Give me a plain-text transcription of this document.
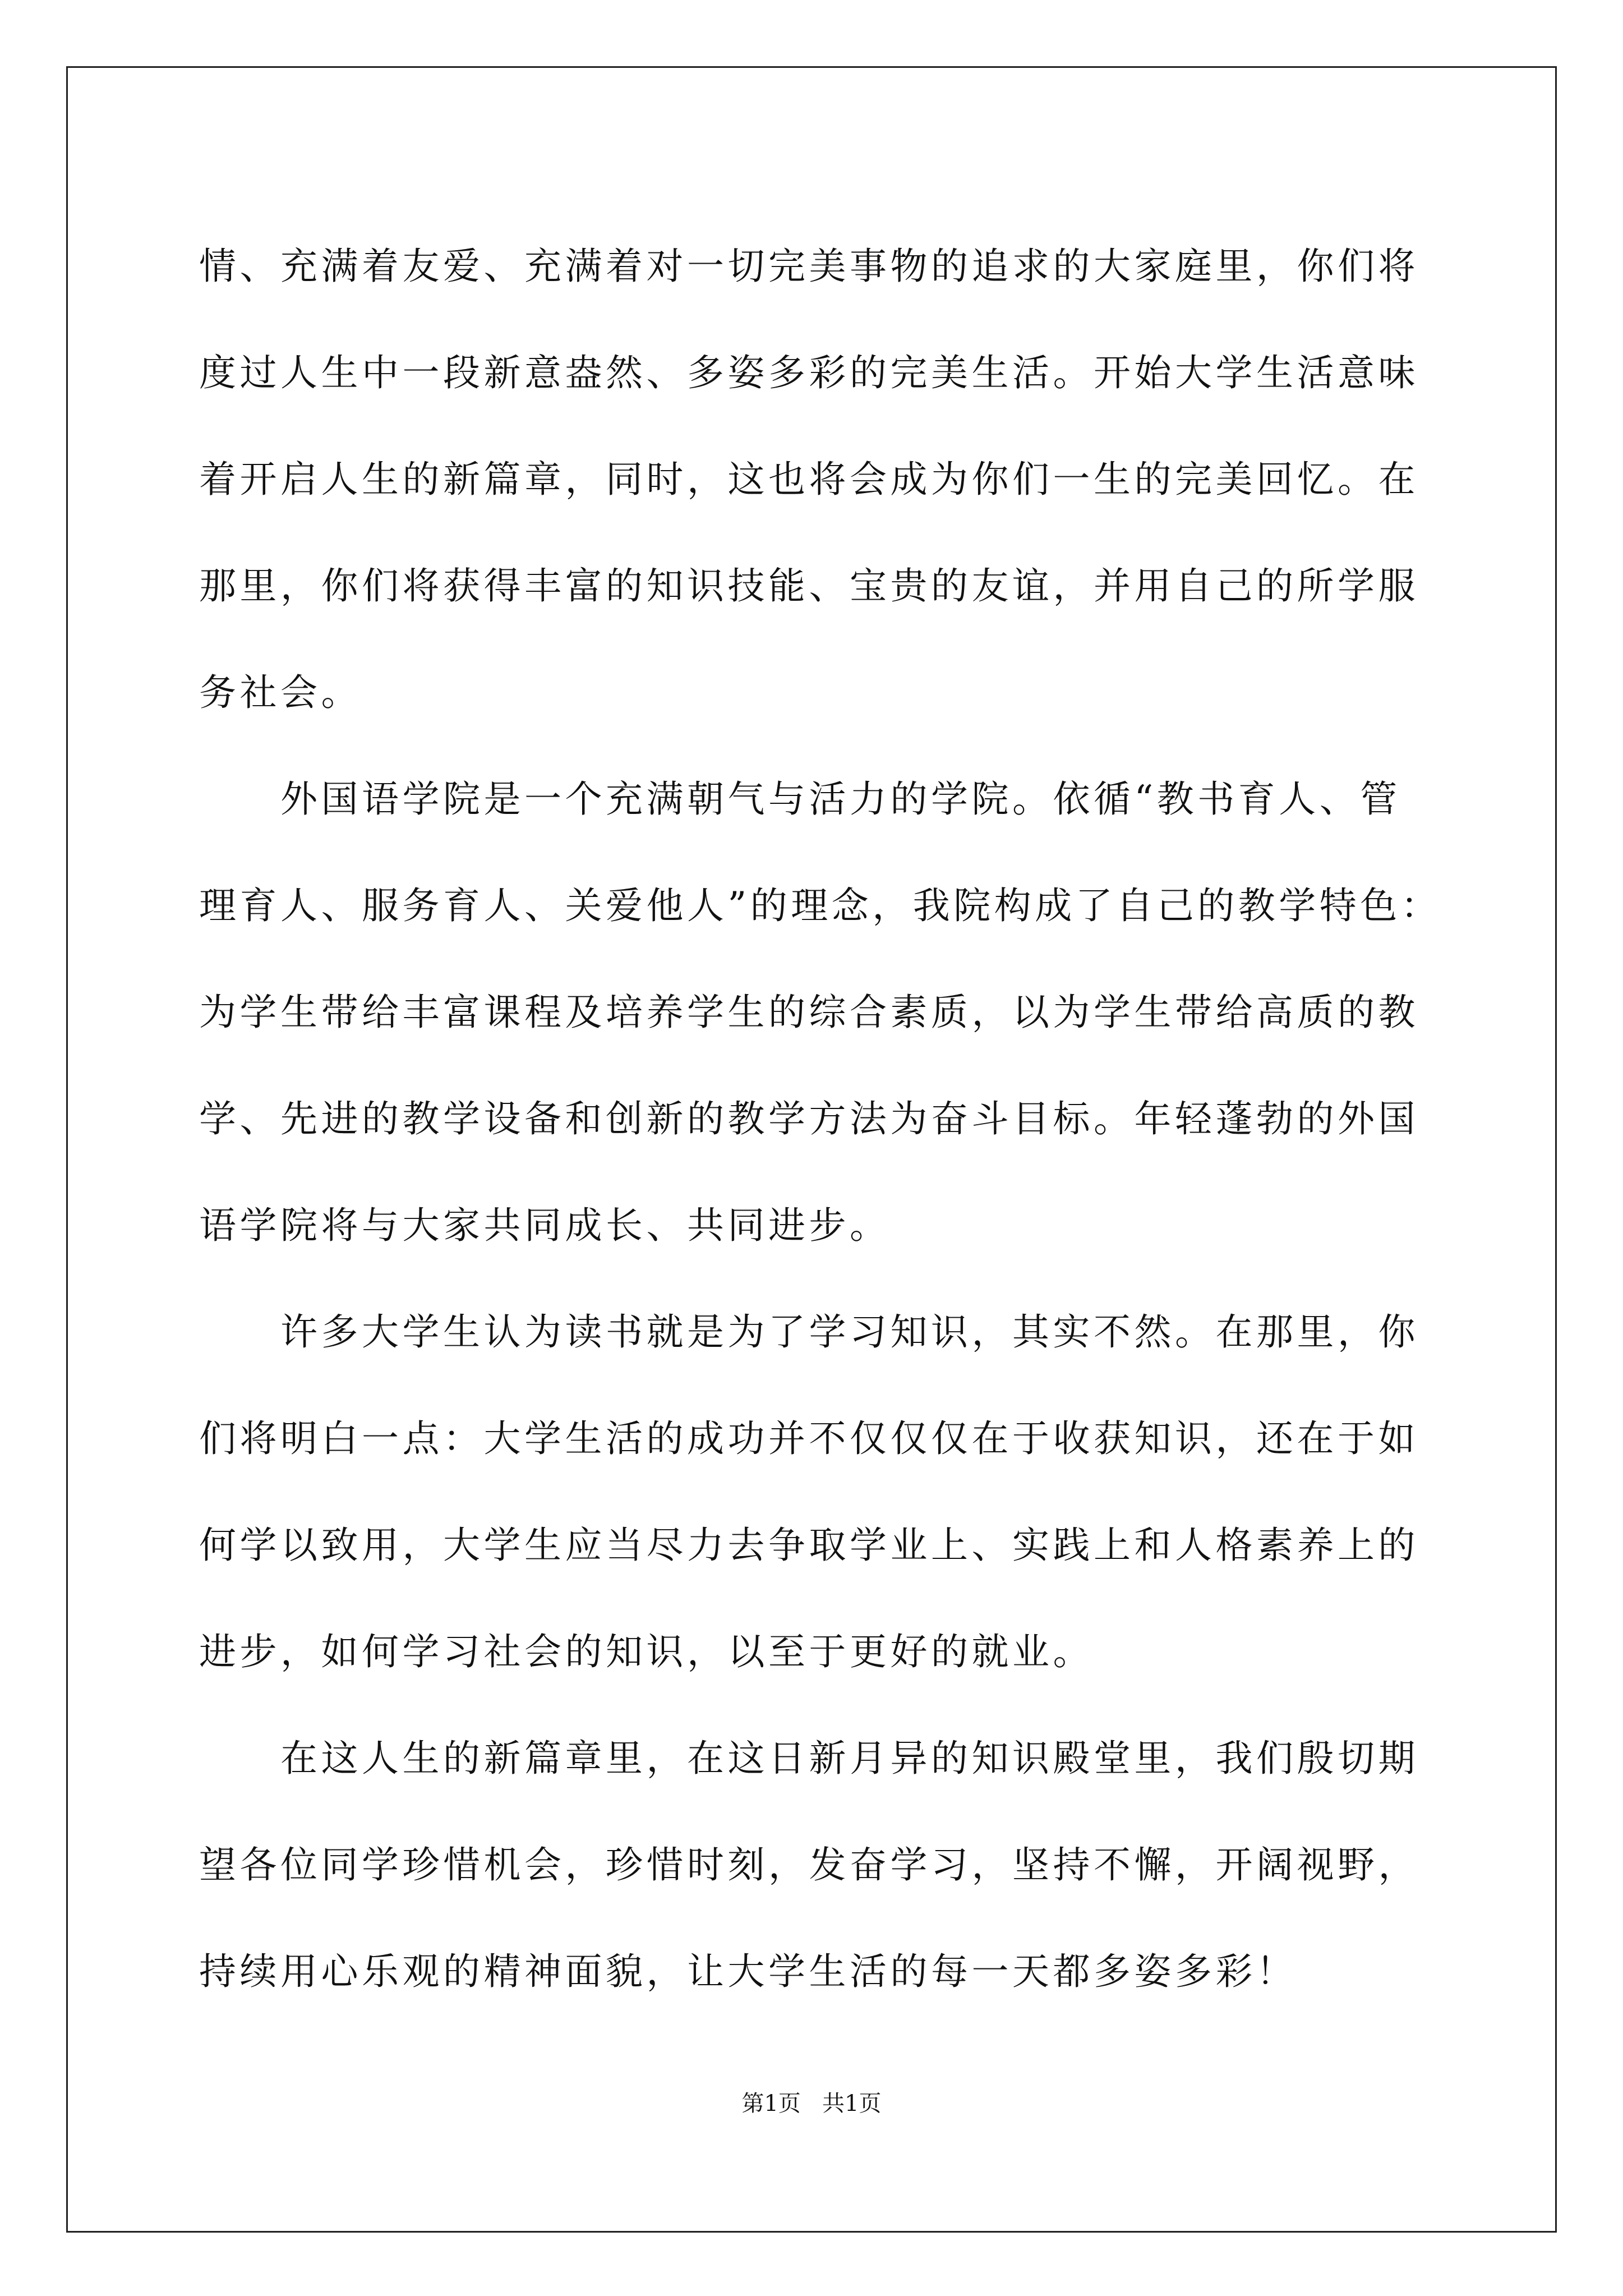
情、充满着友爱、充满着对一切完美事物的追求的大家庭里，你们将
度过人生中一段新意盎然、多姿多彩的完美生活。开始大学生活意味
着开启人生的新篇章，同时，这也将会成为你们一生的完美回忆。在
那里，你们将获得丰富的知识技能、宝贵的友谊，并用自己的所学服
务社会。
外国语学院是一个充满朝气与活力的学院。依循“教书育人、管
理育人、服务育人、关爱他人”的理念，我院构成了自己的教学特色：
为学生带给丰富课程及培养学生的综合素质，以为学生带给高质的教
学、先进的教学设备和创新的教学方法为奋斗目标。年轻蓬勃的外国
语学院将与大家共同成长、共同进步。
许多大学生认为读书就是为了学习知识，其实不然。在那里，你
们将明白一点：大学生活的成功并不仅仅仅在于收获知识，还在于如
何学以致用，大学生应当尽力去争取学业上、实践上和人格素养上的
进步，如何学习社会的知识，以至于更好的就业。
在这人生的新篇章里，在这日新月异的知识殿堂里，我们殷切期
望各位同学珍惜机会，珍惜时刻，发奋学习，坚持不懈，开阔视野，
持续用心乐观的精神面貌，让大学生活的每一天都多姿多彩！
第1页   共1页
